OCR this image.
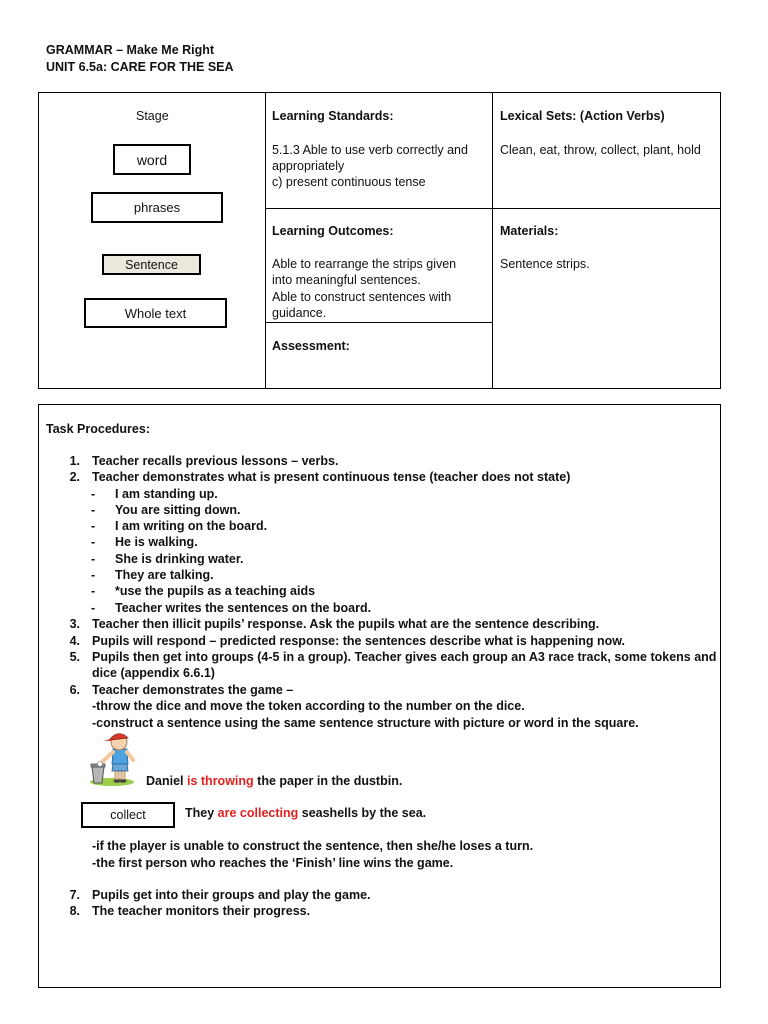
GRAMMAR – Make Me Right
UNIT 6.5a: CARE FOR THE SEA
Stage
word
phrases
Sentence
Whole text
Learning Standards:
5.1.3 Able to use verb correctly and
appropriately
c) present continuous tense
Lexical Sets: (Action Verbs)
Clean, eat, throw, collect, plant, hold
Learning Outcomes:
Able to rearrange the strips given
into meaningful sentences.
Able to construct sentences with
guidance.
Materials:
Sentence strips.
Assessment:
Task Procedures:
1. Teacher recalls previous lessons – verbs.
2. Teacher demonstrates what is present continuous tense (teacher does not state)
- I am standing up.
- You are sitting down.
- I am writing on the board.
- He is walking.
- She is drinking water.
- They are talking.
- *use the pupils as a teaching aids
- Teacher writes the sentences on the board.
3. Teacher then illicit pupils’ response. Ask the pupils what are the sentence describing.
4. Pupils will respond – predicted response: the sentences describe what is happening now.
5. Pupils then get into groups (4-5 in a group). Teacher gives each group an A3 race track, some tokens and
dice (appendix 6.6.1)
6. Teacher demonstrates the game –
-throw the dice and move the token according to the number on the dice.
-construct a sentence using the same sentence structure with picture or word in the square.
Daniel is throwing the paper in the dustbin.
collect	They are collecting seashells by the sea.
-if the player is unable to construct the sentence, then she/he loses a turn.
-the first person who reaches the ‘Finish’ line wins the game.
7. Pupils get into their groups and play the game.
8. The teacher monitors their progress.
